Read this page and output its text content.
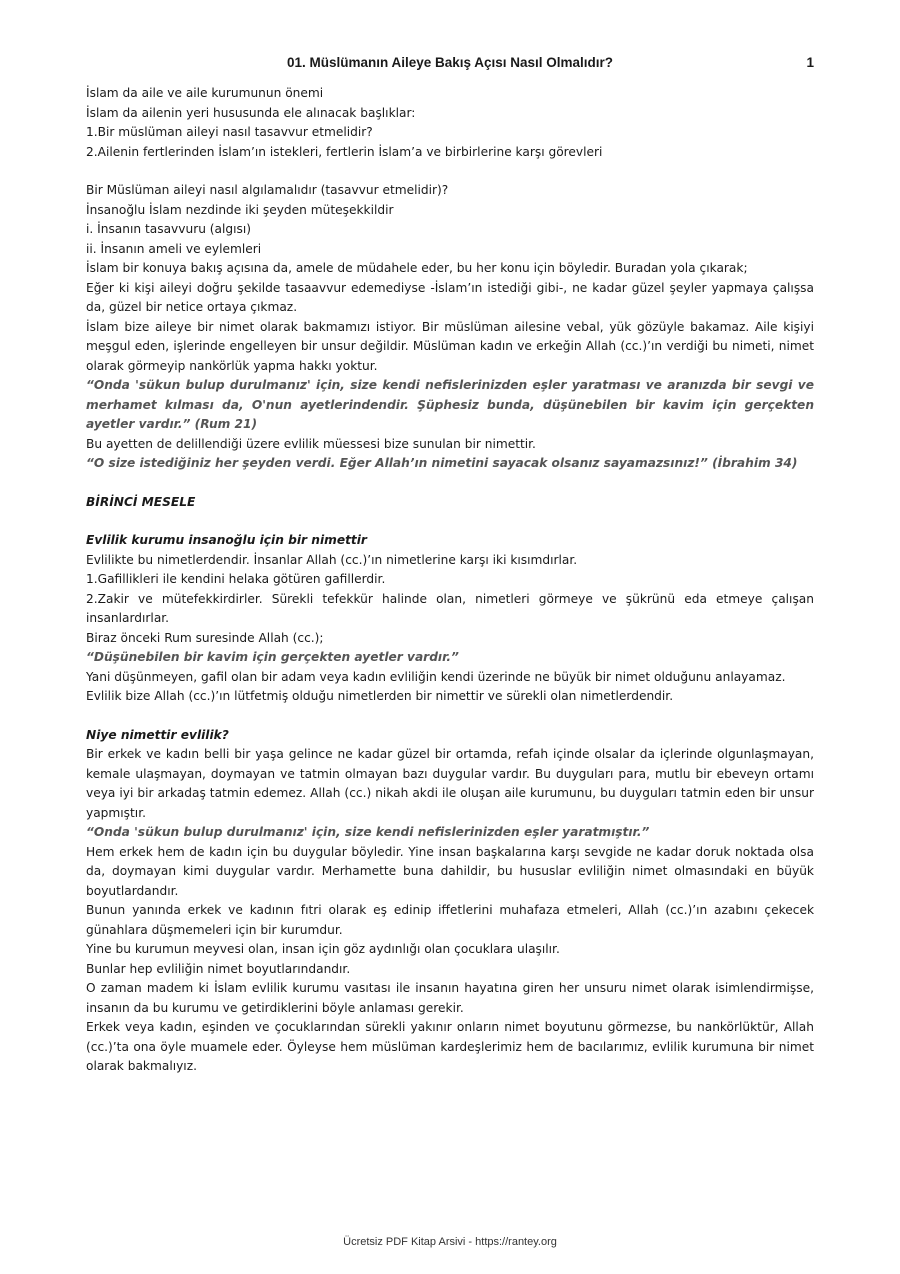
01. Müslümanın Aileye Bakış Açısı Nasıl Olmalıdır?	1

İslam da aile ve aile kurumunun önemi

İslam da ailenin yeri hususunda ele alınacak başlıklar:

1.Bir müslüman aileyi nasıl tasavvur etmelidir?

2.Ailenin fertlerinden İslam’ın istekleri, fertlerin İslam’a ve birbirlerine karşı görevleri

Bir Müslüman aileyi nasıl algılamalıdır (tasavvur etmelidir)?

İnsanoğlu İslam nezdinde iki şeyden müteşekkildir

i. İnsanın tasavvuru (algısı)

ii. İnsanın ameli ve eylemleri

İslam bir konuya bakış açısına da, amele de müdahele eder, bu her konu için böyledir. Buradan yola çıkarak;

Eğer ki kişi aileyi doğru şekilde tasaavvur edemediyse -İslam’ın istediği gibi-, ne kadar güzel şeyler yapmaya çalışsa da, güzel bir netice ortaya çıkmaz.

İslam bize aileye bir nimet olarak bakmamızı istiyor. Bir müslüman ailesine vebal, yük gözüyle bakamaz. Aile kişiyi meşgul eden, işlerinde engelleyen bir unsur değildir. Müslüman kadın ve erkeğin Allah (cc.)’ın verdiği bu nimeti, nimet olarak görmeyip nankörlük yapma hakkı yoktur.

“Onda 'sükun bulup durulmanız' için, size kendi nefislerinizden eşler yaratması ve aranızda bir sevgi ve merhamet kılması da, O'nun ayetlerindendir. Şüphesiz bunda, düşünebilen bir kavim için gerçekten ayetler vardır.” (Rum 21)

Bu ayetten de delillendiği üzere evlilik müessesi bize sunulan bir nimettir.

“O size istediğiniz her şeyden verdi. Eğer Allah’ın nimetini sayacak olsanız sayamazsınız!” (İbrahim 34)

BİRİNCİ MESELE

Evlilik kurumu insanoğlu için bir nimettir

Evlilikte bu nimetlerdendir. İnsanlar Allah (cc.)’ın nimetlerine karşı iki kısımdırlar.

1.Gafillikleri ile kendini helaka götüren gafillerdir.

2.Zakir ve mütefekkirdirler. Sürekli tefekkür halinde olan, nimetleri görmeye ve şükrünü eda etmeye çalışan insanlardırlar.

Biraz önceki Rum suresinde Allah (cc.);

“Düşünebilen bir kavim için gerçekten ayetler vardır.”

Yani düşünmeyen, gafil olan bir adam veya kadın evliliğin kendi üzerinde ne büyük bir nimet olduğunu anlayamaz.

Evlilik bize Allah (cc.)’ın lütfetmiş olduğu nimetlerden bir nimettir ve sürekli olan nimetlerdendir.

Niye nimettir evlilik?

Bir erkek ve kadın belli bir yaşa gelince ne kadar güzel bir ortamda, refah içinde olsalar da içlerinde olgunlaşmayan, kemale ulaşmayan, doymayan ve tatmin olmayan bazı duygular vardır. Bu duyguları para, mutlu bir ebeveyn ortamı veya iyi bir arkadaş tatmin edemez. Allah (cc.) nikah akdi ile oluşan aile kurumunu, bu duyguları tatmin eden bir unsur yapmıştır.

“Onda 'sükun bulup durulmanız' için, size kendi nefislerinizden eşler yaratmıştır.”

Hem erkek hem de kadın için bu duygular böyledir. Yine insan başkalarına karşı sevgide ne kadar doruk noktada olsa da, doymayan kimi duygular vardır. Merhamette buna dahildir, bu hususlar evliliğin nimet olmasındaki en büyük boyutlardandır.

Bunun yanında erkek ve kadının fıtri olarak eş edinip iffetlerini muhafaza etmeleri, Allah (cc.)’ın azabını çekecek günahlara düşmemeleri için bir kurumdur.

Yine bu kurumun meyvesi olan, insan için göz aydınlığı olan çocuklara ulaşılır.

Bunlar hep evliliğin nimet boyutlarındandır.

O zaman madem ki İslam evlilik kurumu vasıtası ile insanın hayatına giren her unsuru nimet olarak isimlendirmişse, insanın da bu kurumu ve getirdiklerini böyle anlaması gerekir.

Erkek veya kadın, eşinden ve çocuklarından sürekli yakınır onların nimet boyutunu görmezse, bu nankörlüktür, Allah (cc.)’ta ona öyle muamele eder. Öyleyse hem müslüman kardeşlerimiz hem de bacılarımız, evlilik kurumuna bir nimet olarak bakmalıyız.

Ücretsiz PDF Kitap Arsivi - https://rantey.org
